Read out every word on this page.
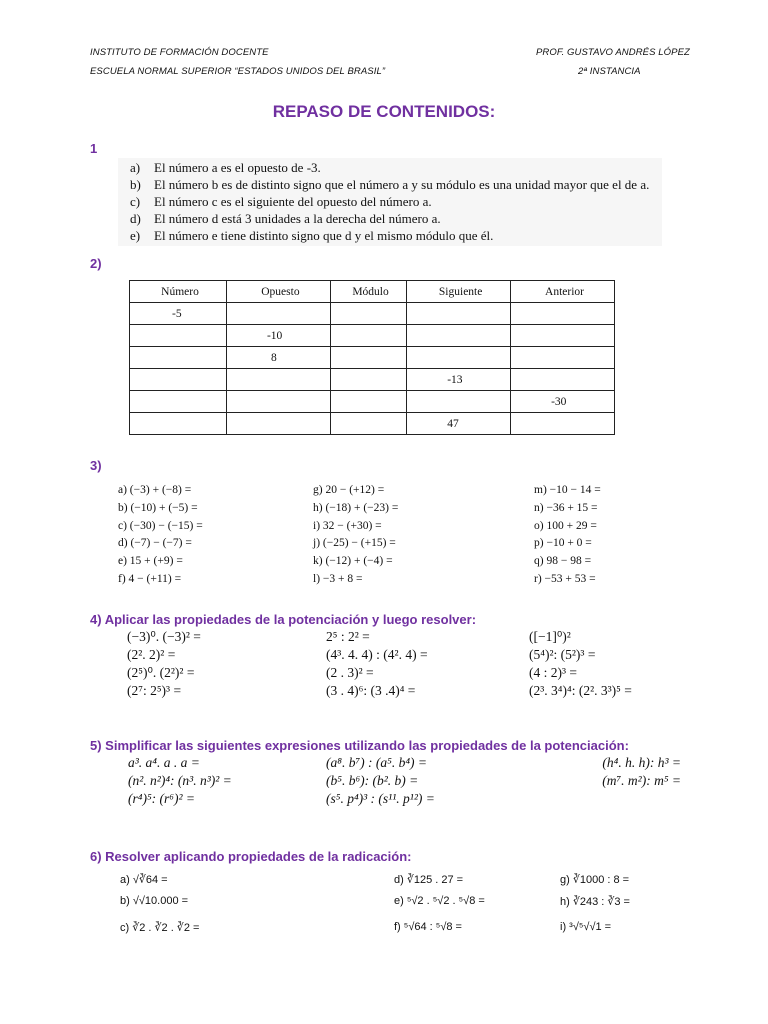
INSTITUTO DE FORMACIÓN DOCENTE
ESCUELA NORMAL SUPERIOR “ESTADOS UNIDOS DEL BRASIL”
PROF. GUSTAVO ANDRÉS LÓPEZ
2ª INSTANCIA
REPASO DE CONTENIDOS:
1
a) El número a es el opuesto de -3.
b) El número b es de distinto signo que el número a y su módulo es una unidad mayor que el de a.
c) El número c es el siguiente del opuesto del número a.
d) El número d está 3 unidades a la derecha del número a.
e) El número e tiene distinto signo que d y el mismo módulo que él.
2)
Número	Opuesto	Módulo	Siguiente	Anterior
-5				
	-10			
	8			
			-13	
				-30
			47	
3)
a) (−3) + (−8) =
b) (−10) + (−5) =
c) (−30) − (−15) =
d) (−7) − (−7) =
e) 15 + (+9) =
f) 4 − (+11) =
g) 20 − (+12) =
h) (−18) + (−23) =
i) 32 − (+30) =
j) (−25) − (+15) =
k) (−12) + (−4) =
l) −3 + 8 =
m) −10 − 14 =
n) −36 + 15 =
o) 100 + 29 =
p) −10 + 0 =
q) 98 − 98 =
r) −53 + 53 =
4) Aplicar las propiedades de la potenciación y luego resolver:
(−3)⁰. (−3)² =
(2². 2)² =
(2⁵)⁰. (2²)² =
(2⁷: 2⁵)³ =
2⁵ : 2² =
(4³. 4. 4) : (4². 4) =
(2 . 3)² =
(3 . 4)⁶: (3 .4)⁴ =
([−1]⁰)²
(5⁴)²: (5²)³ =
(4 : 2)³ =
(2³. 3⁴)⁴: (2². 3³)⁵ =
5) Simplificar las siguientes expresiones utilizando las propiedades de la potenciación:
a³. a⁴. a . a =
(n². n²)⁴: (n³. n³)² =
(r⁴)⁵: (r⁶)² =
(a⁸. b⁷) : (a⁵. b⁴) =
(b⁵. b⁶): (b². b) =
(s⁵. p⁴)³ : (s¹¹. p¹²) =
(h⁴. h. h): h³ =
(m⁷. m²): m⁵ =
6) Resolver aplicando propiedades de la radicación:
a) √∛64 =
b) √√10.000 =
c) ∛2 . ∛2 . ∛2 =
d) ∛125 . 27 =
e) ⁵√2 . ⁵√2 . ⁵√8 =
f) ⁵√64 : ⁵√8 =
g) ∛1000 : 8 =
h) ∛243 : ∛3 =
i) ³√⁵√√1 =
